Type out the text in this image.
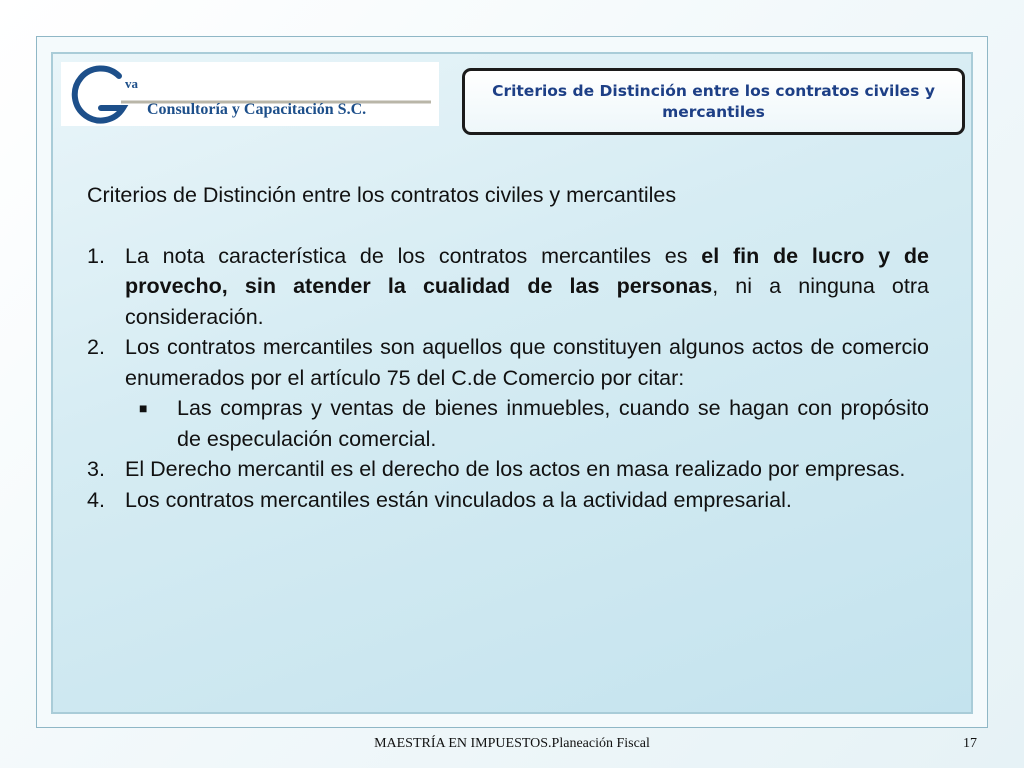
va
Consultoría y Capacitación S.C.
Criterios de Distinción entre los contratos civiles y mercantiles
Criterios de Distinción entre los contratos civiles y mercantiles
1. La nota característica de los contratos mercantiles es el fin de lucro y de provecho, sin atender la cualidad de las personas, ni a ninguna otra consideración.
2. Los contratos mercantiles son aquellos que constituyen algunos actos de comercio enumerados por el artículo 75 del C.de Comercio por citar:
■ Las compras y ventas de bienes inmuebles, cuando se hagan con propósito de especulación comercial.
3. El Derecho mercantil es el derecho de los actos en masa realizado por empresas.
4. Los contratos mercantiles están vinculados a la actividad empresarial.
MAESTRÍA EN IMPUESTOS.Planeación Fiscal	17
